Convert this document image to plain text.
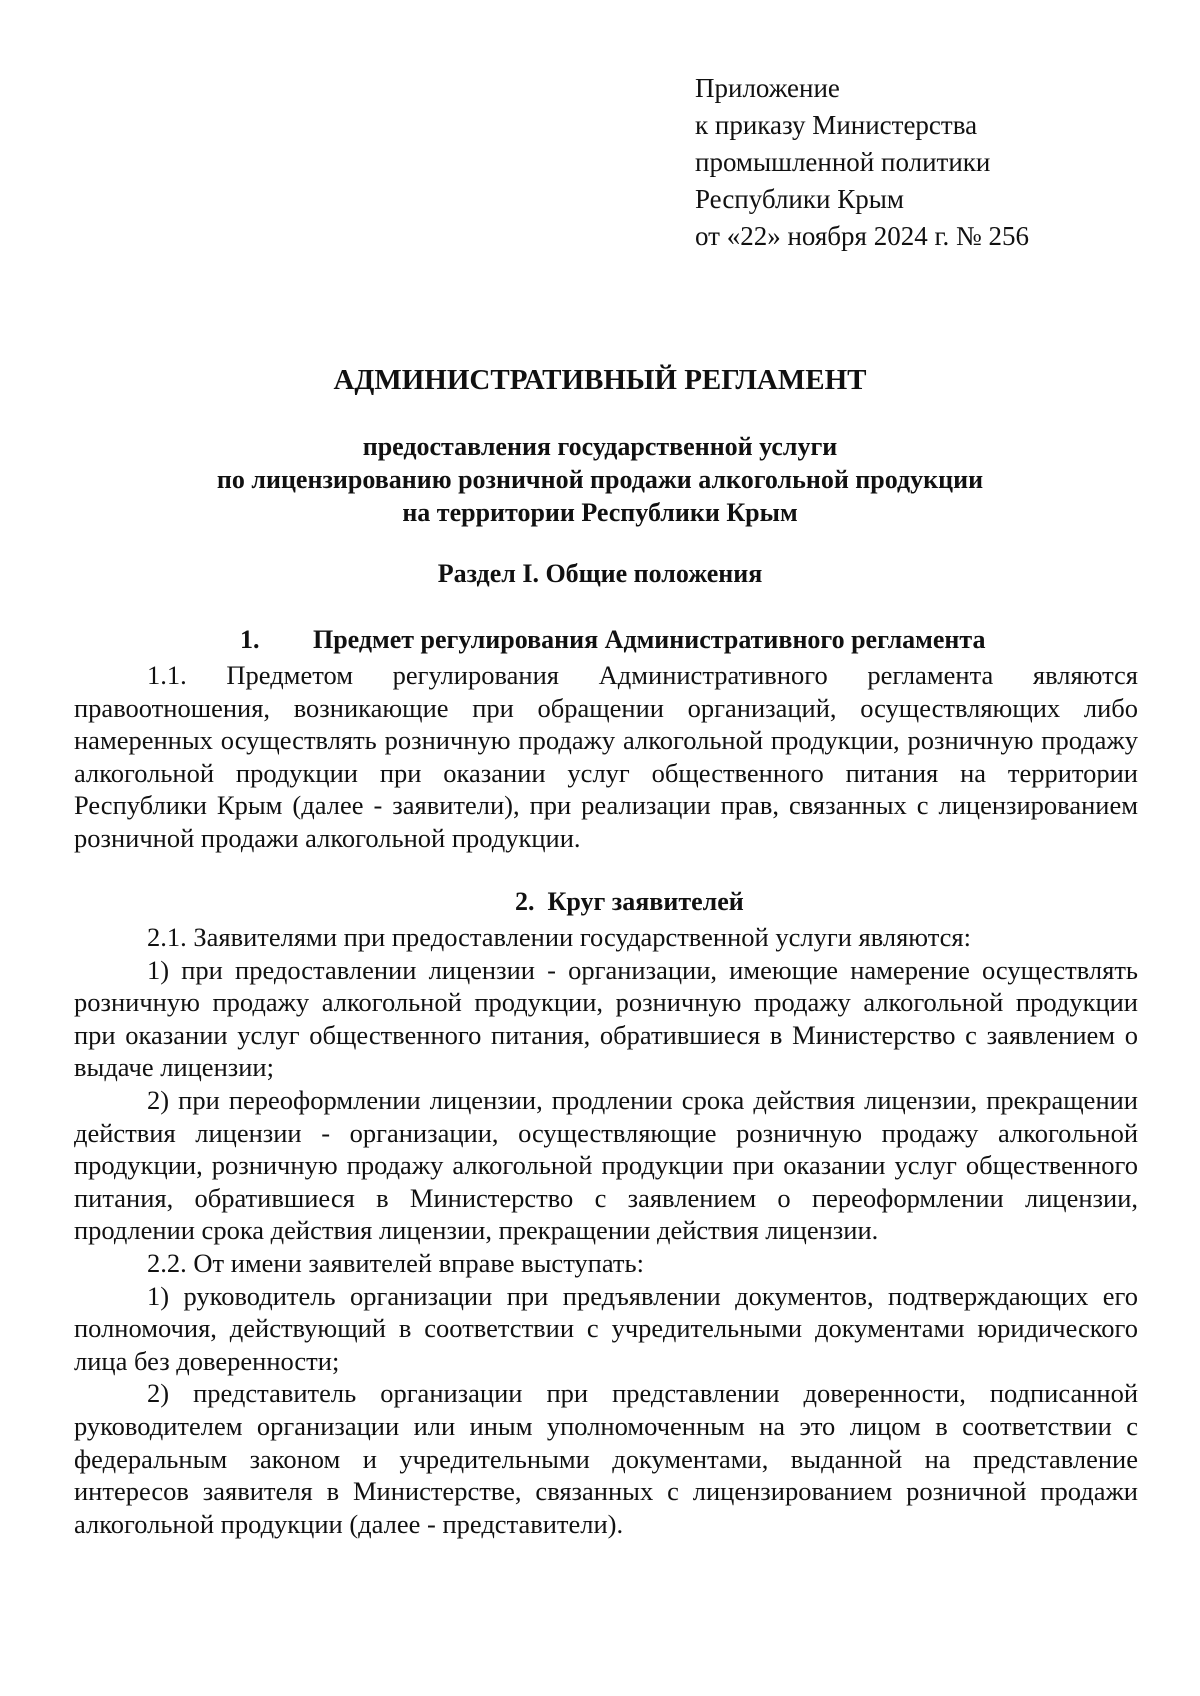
Приложение
к приказу Министерства
промышленной политики
Республики Крым
от «22» ноября 2024 г. № 256
АДМИНИСТРАТИВНЫЙ РЕГЛАМЕНТ
предоставления государственной услуги
по лицензированию розничной продажи алкогольной продукции
на территории Республики Крым
Раздел I. Общие положения
1. Предмет регулирования Административного регламента

1.1. Предметом регулирования Административного регламента являются правоотношения, возникающие при обращении организаций, осуществляющих либо намеренных осуществлять розничную продажу алкогольной продукции, розничную продажу алкогольной продукции при оказании услуг общественного питания на территории Республики Крым (далее - заявители), при реализации прав, связанных с лицензированием розничной продажи алкогольной продукции.

2. Круг заявителей

2.1. Заявителями при предоставлении государственной услуги являются:

1) при предоставлении лицензии - организации, имеющие намерение осуществлять розничную продажу алкогольной продукции, розничную продажу алкогольной продукции при оказании услуг общественного питания, обратившиеся в Министерство с заявлением о выдаче лицензии;

2) при переоформлении лицензии, продлении срока действия лицензии, прекращении действия лицензии - организации, осуществляющие розничную продажу алкогольной продукции, розничную продажу алкогольной продукции при оказании услуг общественного питания, обратившиеся в Министерство с заявлением о переоформлении лицензии, продлении срока действия лицензии, прекращении действия лицензии.

2.2. От имени заявителей вправе выступать:

1) руководитель организации при предъявлении документов, подтверждающих его полномочия, действующий в соответствии с учредительными документами юридического лица без доверенности;

2) представитель организации при представлении доверенности, подписанной руководителем организации или иным уполномоченным на это лицом в соответствии с федеральным законом и учредительными документами, выданной на представление интересов заявителя в Министерстве, связанных с лицензированием розничной продажи алкогольной продукции (далее - представители).
